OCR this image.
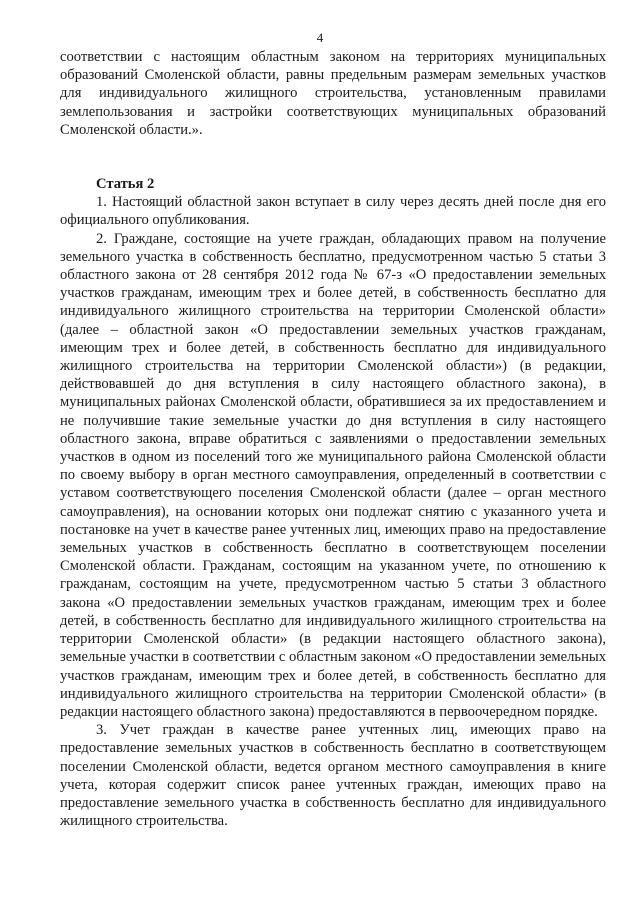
4

соответствии с настоящим областным законом на территориях муниципальных образований Смоленской области, равны предельным размерам земельных участков для индивидуального жилищного строительства, установленным правилами землепользования и застройки соответствующих муниципальных образований Смоленской области.».

Статья 2

1. Настоящий областной закон вступает в силу через десять дней после дня его официального опубликования.

2. Граждане, состоящие на учете граждан, обладающих правом на получение земельного участка в собственность бесплатно, предусмотренном частью 5 статьи 3 областного закона от 28 сентября 2012 года № 67-з «О предоставлении земельных участков гражданам, имеющим трех и более детей, в собственность бесплатно для индивидуального жилищного строительства на территории Смоленской области» (далее – областной закон «О предоставлении земельных участков гражданам, имеющим трех и более детей, в собственность бесплатно для индивидуального жилищного строительства на территории Смоленской области») (в редакции, действовавшей до дня вступления в силу настоящего областного закона), в муниципальных районах Смоленской области, обратившиеся за их предоставлением и не получившие такие земельные участки до дня вступления в силу настоящего областного закона, вправе обратиться с заявлениями о предоставлении земельных участков в одном из поселений того же муниципального района Смоленской области по своему выбору в орган местного самоуправления, определенный в соответствии с уставом соответствующего поселения Смоленской области (далее – орган местного самоуправления), на основании которых они подлежат снятию с указанного учета и постановке на учет в качестве ранее учтенных лиц, имеющих право на предоставление земельных участков в собственность бесплатно в соответствующем поселении Смоленской области. Гражданам, состоящим на указанном учете, по отношению к гражданам, состоящим на учете, предусмотренном частью 5 статьи 3 областного закона «О предоставлении земельных участков гражданам, имеющим трех и более детей, в собственность бесплатно для индивидуального жилищного строительства на территории Смоленской области» (в редакции настоящего областного закона), земельные участки в соответствии с областным законом «О предоставлении земельных участков гражданам, имеющим трех и более детей, в собственность бесплатно для индивидуального жилищного строительства на территории Смоленской области» (в редакции настоящего областного закона) предоставляются в первоочередном порядке.

3. Учет граждан в качестве ранее учтенных лиц, имеющих право на предоставление земельных участков в собственность бесплатно в соответствующем поселении Смоленской области, ведется органом местного самоуправления в книге учета, которая содержит список ранее учтенных граждан, имеющих право на предоставление земельного участка в собственность бесплатно для индивидуального жилищного строительства.
